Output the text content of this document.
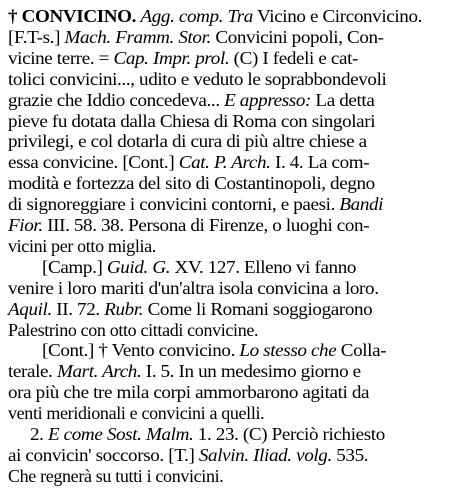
† CONVICINO. Agg. comp. Tra Vicino e Circonvicino.
[F.T-s.] Mach. Framm. Stor. Convicini popoli, Con-
vicine terre. = Cap. Impr. prol. (C) I fedeli e cat-
tolici convicini..., udito e veduto le soprabbondevoli
grazie che Iddio concedeva... E appresso: La detta
pieve fu dotata dalla Chiesa di Roma con singolari
privilegi, e col dotarla di cura di più altre chiese a
essa convicine. [Cont.] Cat. P. Arch. I. 4. La com-
modità e fortezza del sito di Costantinopoli, degno
di signoreggiare i convicini contorni, e paesi. Bandi
Fior. III. 58. 38. Persona di Firenze, o luoghi con-
vicini per otto miglia.
[Camp.] Guid. G. XV. 127. Elleno vi fanno
venire i loro mariti d'un'altra isola convicina a loro.
Aquil. II. 72. Rubr. Come li Romani soggiogarono
Palestrino con otto cittadi convicine.
[Cont.] † Vento convicino. Lo stesso che Colla-
terale. Mart. Arch. I. 5. In un medesimo giorno e
ora più che tre mila corpi ammorbarono agitati da
venti meridionali e convicini a quelli.
2. E come Sost. Malm. 1. 23. (C) Perciò richiesto
ai convicin' soccorso. [T.] Salvin. Iliad. volg. 535.
Che regnerà su tutti i convicini.
